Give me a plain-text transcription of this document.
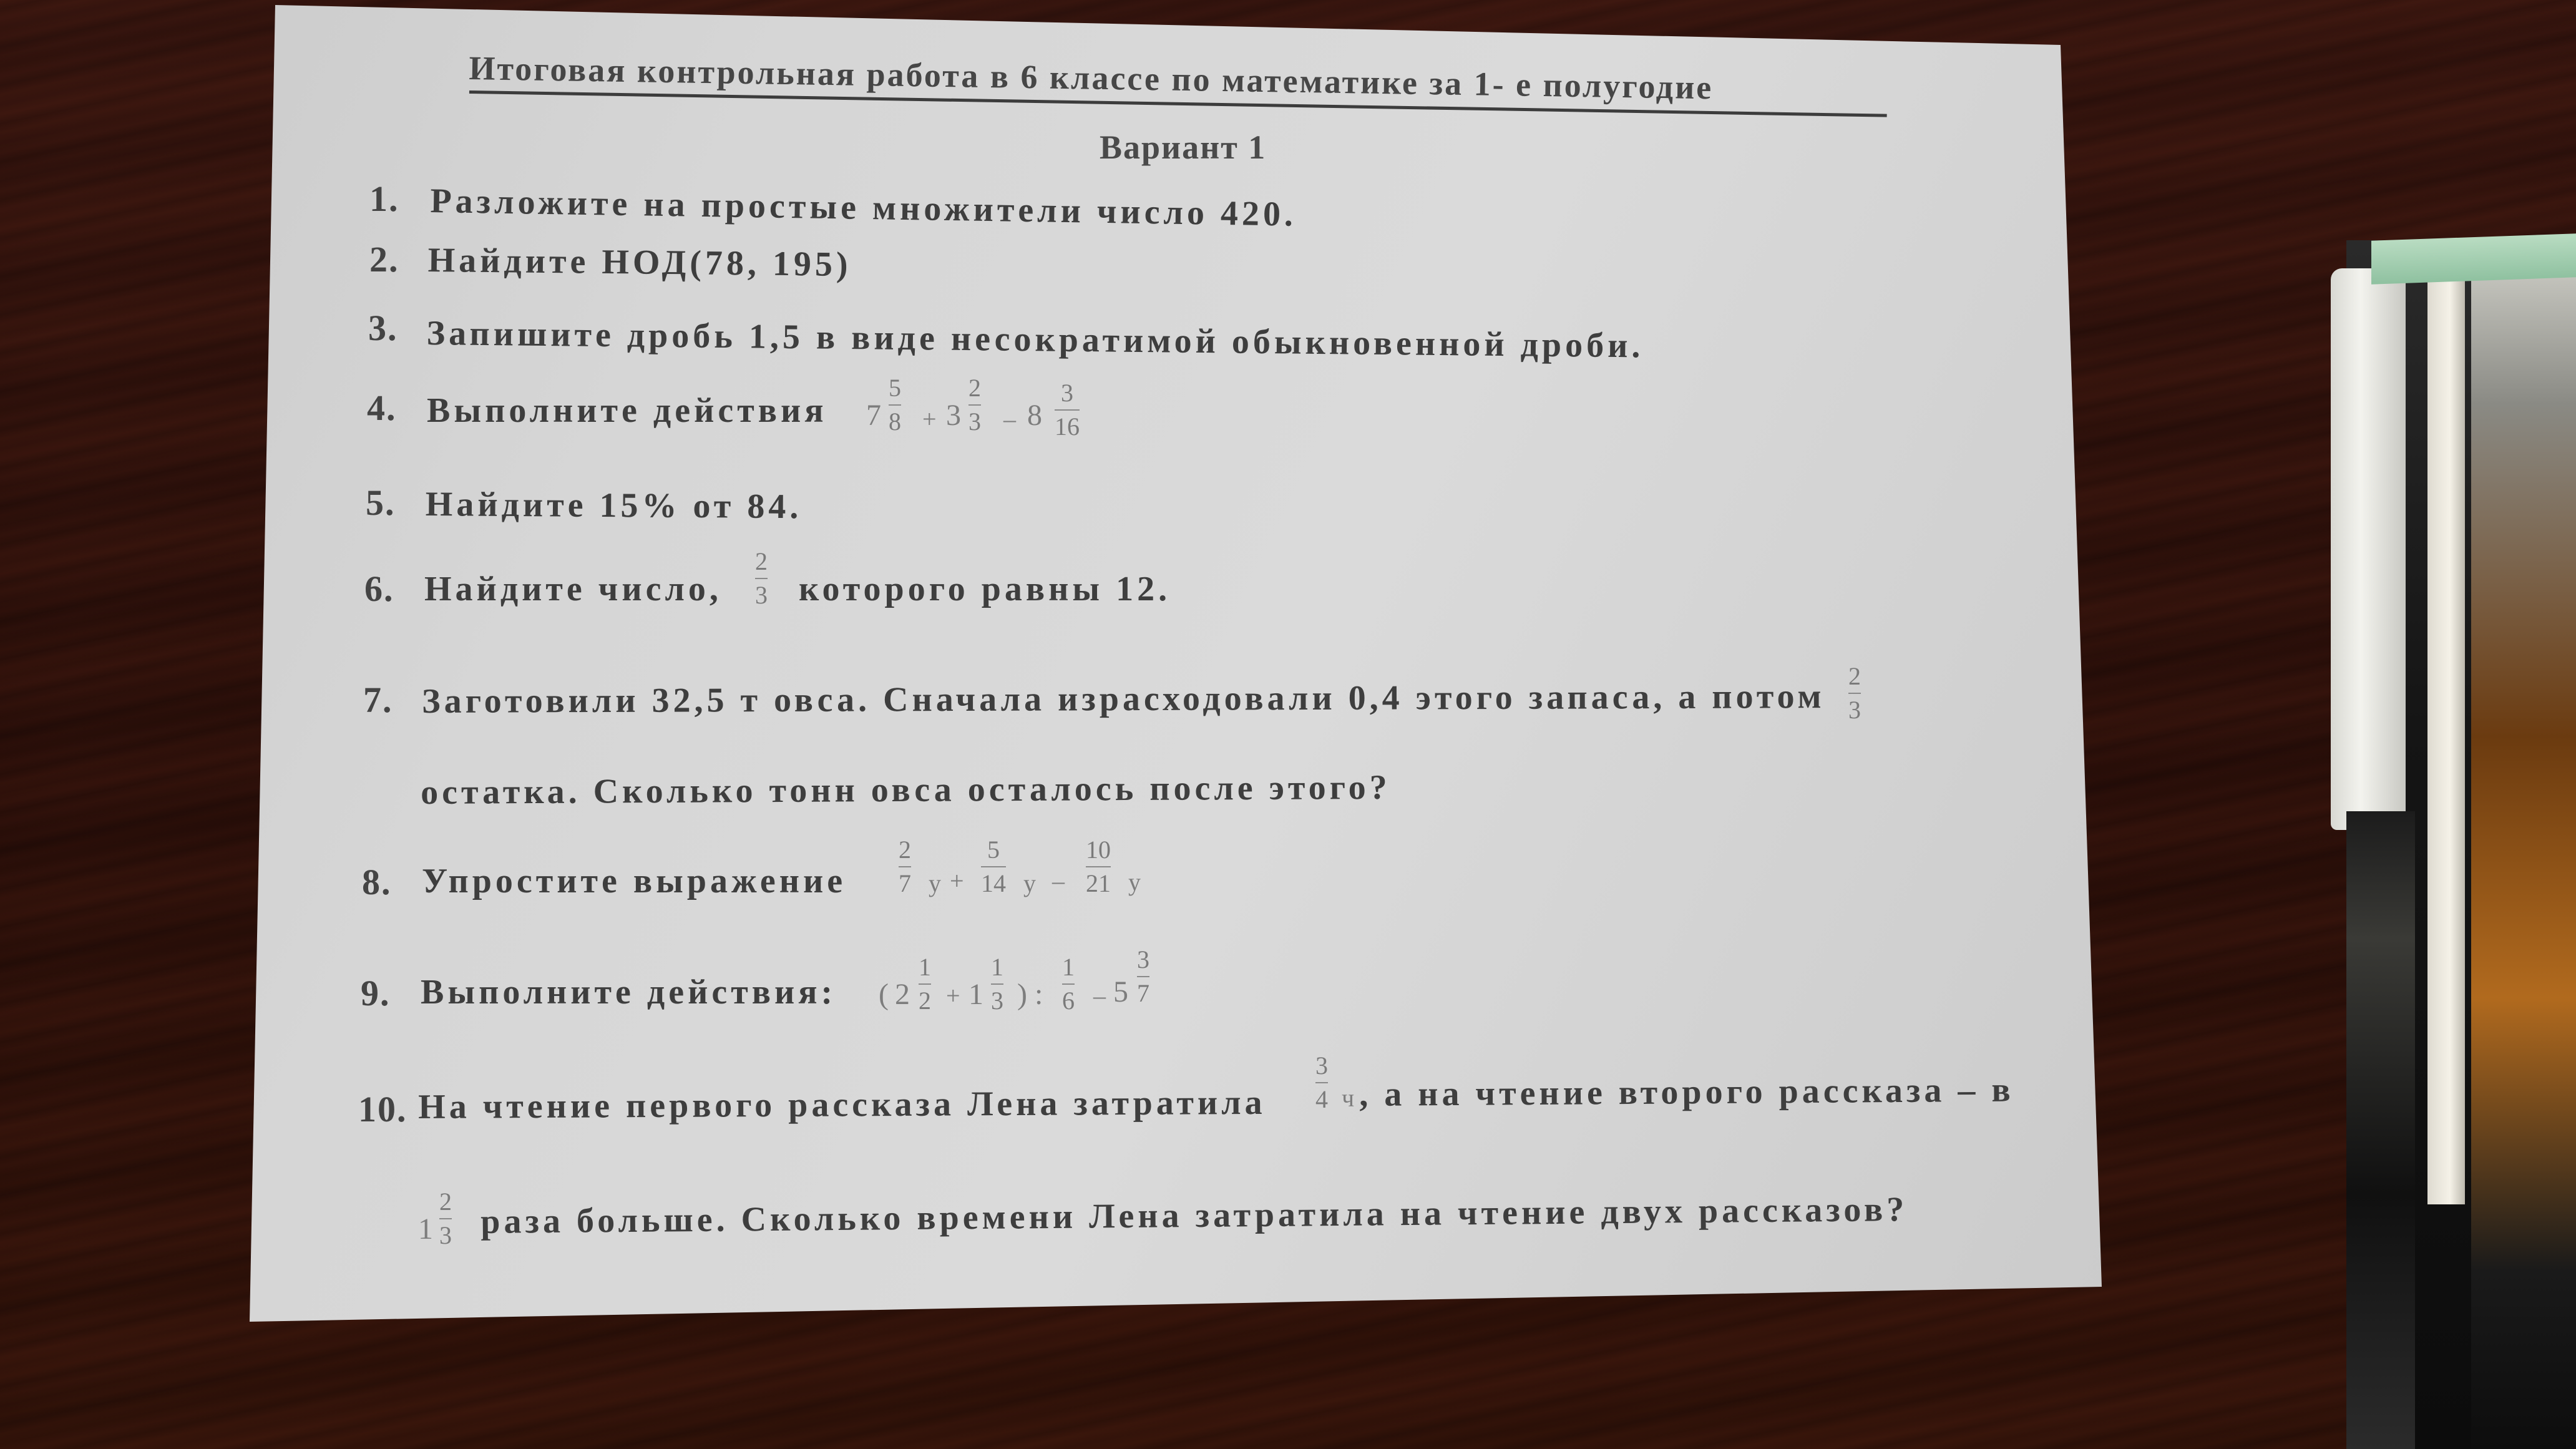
Итоговая контрольная работа в 6 классе по математике за 1- е полугодие
Вариант 1
1. Разложите на простые множители число 420.
2. Найдите НОД(78, 195)
3. Запишите дробь 1,5 в виде несократимой обыкновенной дроби.
4. Выполните действия $7 \frac{5}{8} + 3 \frac{2}{3} - 8 \frac{3}{16}$
5. Найдите 15% от 84.
6. Найдите число, $\frac{2}{3}$ которого равны 12.
7. Заготовили 32,5 т овса. Сначала израсходовали 0,4 этого запаса, а потом $\frac{2}{3}$
остатка. Сколько тонн овса осталось после этого?
8. Упростите выражение $\frac{2}{7}$ $y + \frac{5}{14}$ y – $\frac{10}{21}$ y
9. Выполните действия: ( $2 \frac{1}{2} + 1 \frac{1}{3}$ ) : $\frac{1}{6} - 5 \frac{3}{7}$
10. На чтение первого рассказа Лена затратила $\frac{3}{4}$ ч , а на чтение второго рассказа – в
$1 \frac{2}{3}$ раза больше. Сколько времени Лена затратила на чтение двух рассказов?
